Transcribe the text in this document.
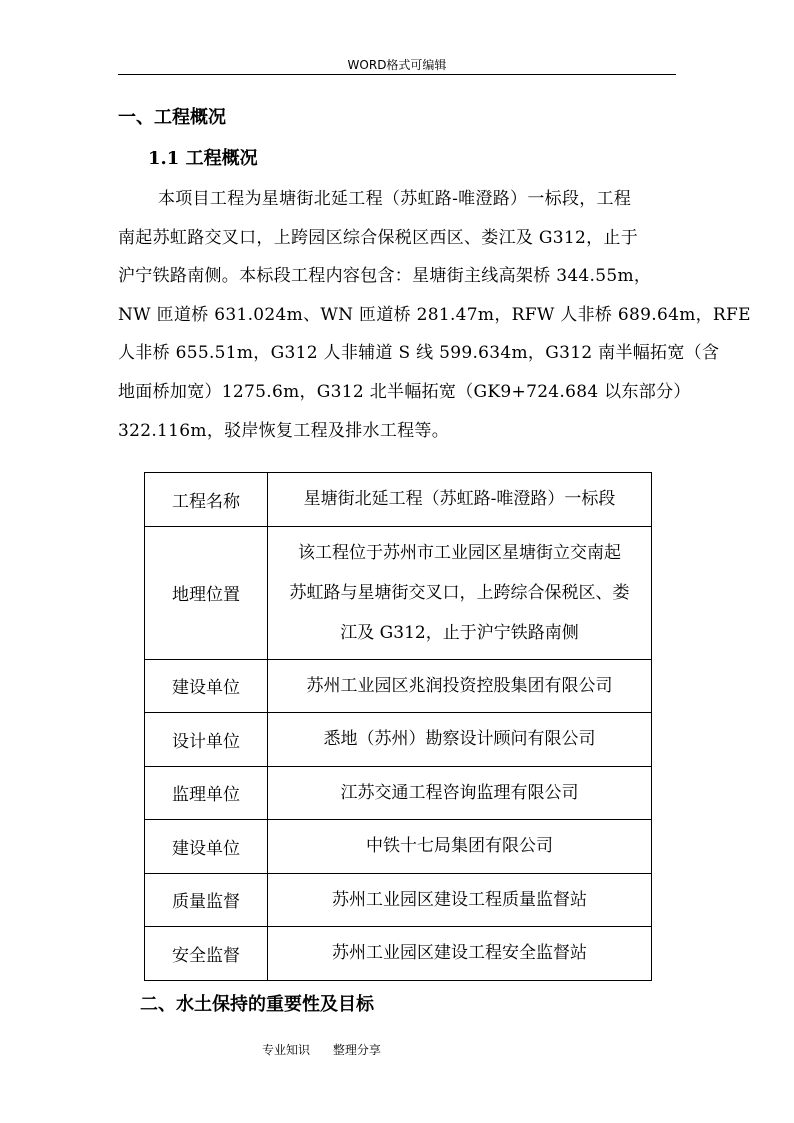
WORD格式可编辑
一、工程概况
1.1 工程概况
本项目工程为星塘街北延工程（苏虹路-唯澄路）一标段，工程
南起苏虹路交叉口，上跨园区综合保税区西区、娄江及 G312，止于
沪宁铁路南侧。本标段工程内容包含：星塘街主线高架桥 344.55m，
NW 匝道桥 631.024m、WN 匝道桥 281.47m，RFW 人非桥 689.64m，RFE
人非桥 655.51m，G312 人非辅道 S 线 599.634m，G312 南半幅拓宽（含
地面桥加宽）1275.6m，G312 北半幅拓宽（GK9+724.684 以东部分）
322.116m，驳岸恢复工程及排水工程等。
工程名称	星塘街北延工程（苏虹路-唯澄路）一标段

地理位置	该工程位于苏州市工业园区星塘街立交南起
苏虹路与星塘街交叉口，上跨综合保税区、娄
江及 G312，止于沪宁铁路南侧

建设单位	苏州工业园区兆润投资控股集团有限公司

设计单位	悉地（苏州）勘察设计顾问有限公司

监理单位	江苏交通工程咨询监理有限公司

建设单位	中铁十七局集团有限公司

质量监督	苏州工业园区建设工程质量监督站

安全监督	苏州工业园区建设工程安全监督站
二、水土保持的重要性及目标
专业知识 整理分享
